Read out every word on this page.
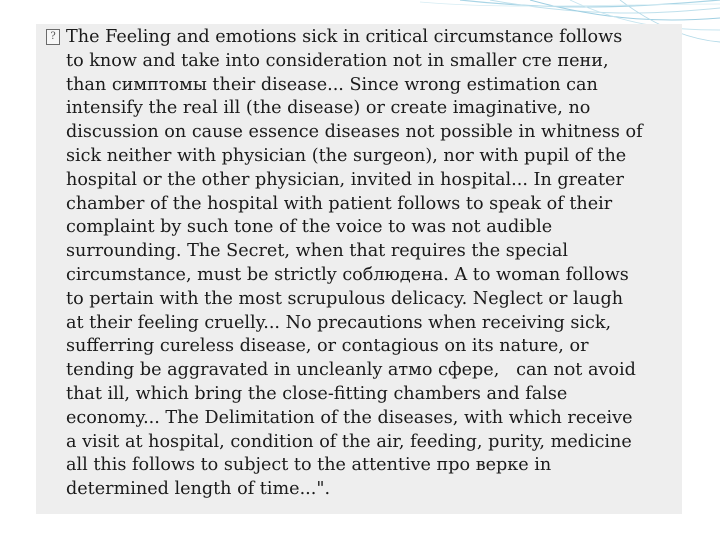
? The Feeling and emotions sick in critical circumstance follows
to know and take into consideration not in smaller сте пени,
than симптомы their disease... Since wrong estimation can
intensify the real ill (the disease) or create imaginative, no
discussion on cause essence diseases not possible in whitness of
sick neither with physician (the surgeon), nor with pupil of the
hospital or the other physician, invited in hospital... In greater
chamber of the hospital with patient follows to speak of their
complaint by such tone of the voice to was not audible
surrounding. The Secret, when that requires the special
circumstance, must be strictly соблюдена. A to woman follows
to pertain with the most scrupulous delicacy. Neglect or laugh
at their feeling cruelly... No precautions when receiving sick,
sufferring cureless disease, or contagious on its nature, or
tending be aggravated in uncleanly атмо сфере,   can not avoid
that ill, which bring the close-fitting chambers and false
economy... The Delimitation of the diseases, with which receive
a visit at hospital, condition of the air, feeding, purity, medicine
all this follows to subject to the attentive про верке in
determined length of time...".
